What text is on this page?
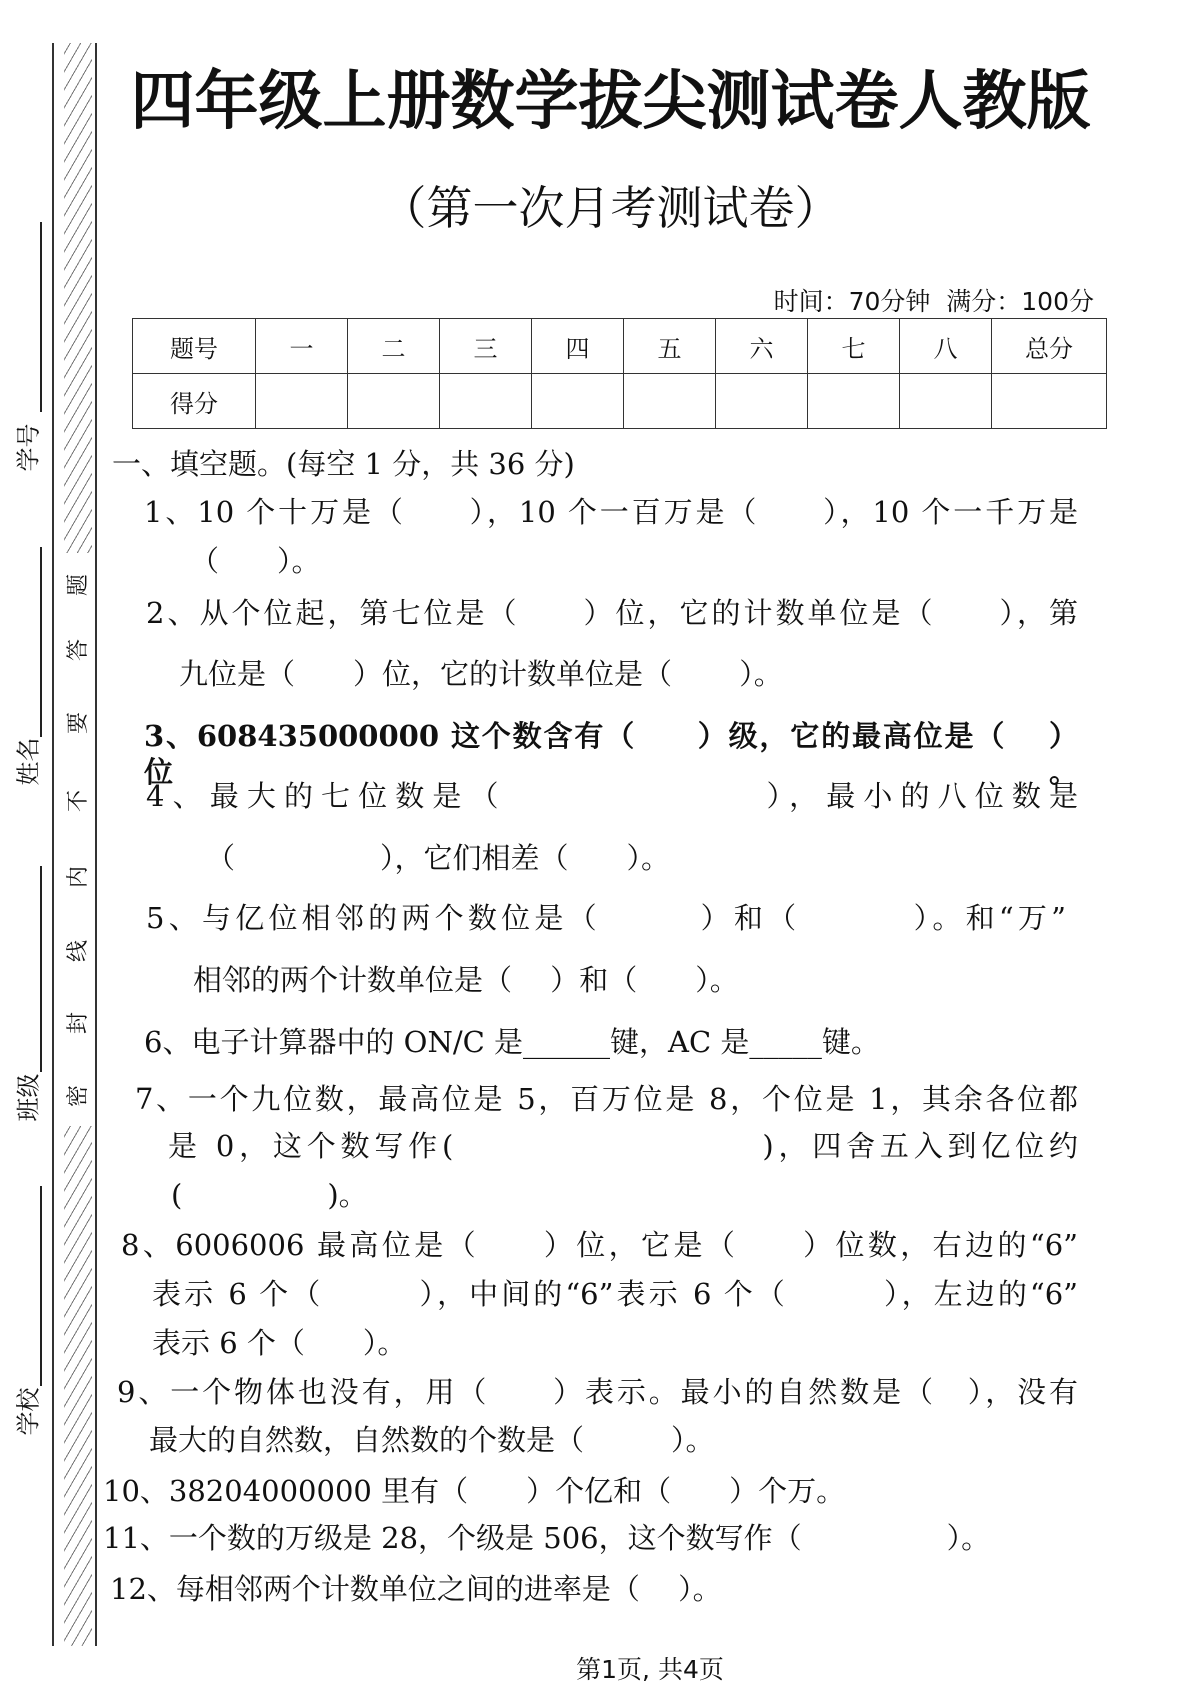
学号
姓名
班级
学校
题
答
要
不
内
线
封
密
四年级上册数学拔尖测试卷人教版
（第一次月考测试卷）
时间：70分钟  满分：100分
题号	一	二	三	四	五	六	七	八	总分
得分									
一、填空题。(每空 1 分，共 36 分)
1、10 个十万是（　　），10 个一百万是（　　），10 个一千万是
（　　）。
2、从个位起，第七位是（　　）位，它的计数单位是（　　），第
九位是（　　）位，它的计数单位是（　　 ）。
3、608435000000 这个数含有（　　）级，它的最高位是（　 ）位。
4、最大的七位数是（　　　　　　　），最小的八位数是
（　　　　　），它们相差（　　）。
5、与亿位相邻的两个数位是（　　　）和（　　　 ）。和“万”
相邻的两个计数单位是（　 ）和（　　）。
6、电子计算器中的 ON/C 是______键，AC 是_____键。
7、一个九位数，最高位是 5，百万位是 8，个位是 1，其余各位都
是 0，这个数写作(　　　　　　　　　)，四舍五入到亿位约
(　　　　　)。
8、6006006 最高位是（　　）位，它是（　　）位数，右边的“6”
表示 6 个（　　　），中间的“6”表示 6 个（　　　），左边的“6”
表示 6 个（　　）。
9、一个物体也没有，用（　　）表示。最小的自然数是（　），没有
最大的自然数，自然数的个数是（　　　）。
10、38204000000 里有（　　）个亿和（　　）个万。
11、一个数的万级是 28，个级是 506，这个数写作（　　　　　）。
12、每相邻两个计数单位之间的进率是（　 ）。
第1页, 共4页
